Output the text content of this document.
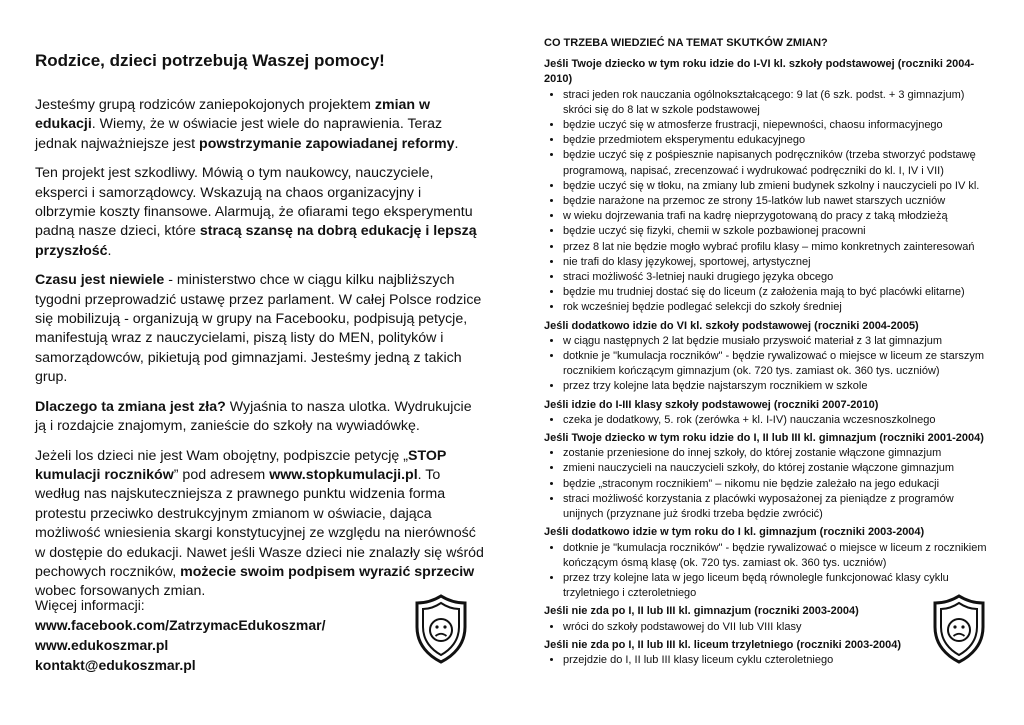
Rodzice, dzieci potrzebują Waszej pomocy!

Jesteśmy grupą rodziców zaniepokojonych projektem zmian w edukacji. Wiemy, że w oświacie jest wiele do naprawienia. Teraz jednak najważniejsze jest powstrzymanie zapowiadanej reformy.

Ten projekt jest szkodliwy. Mówią o tym naukowcy, nauczyciele, eksperci i samorządowcy. Wskazują na chaos organizacyjny i olbrzymie koszty finansowe. Alarmują, że ofiarami tego eksperymentu padną nasze dzieci, które stracą szansę na dobrą edukację i lepszą przyszłość.

Czasu jest niewiele - ministerstwo chce w ciągu kilku najbliższych tygodni przeprowadzić ustawę przez parlament. W całej Polsce rodzice się mobilizują - organizują w grupy na Facebooku, podpisują petycje, manifestują wraz z nauczycielami, piszą listy do MEN, polityków i samorządowców, pikietują pod gimnazjami. Jesteśmy jedną z takich grup.

Dlaczego ta zmiana jest zła? Wyjaśnia to nasza ulotka. Wydrukujcie ją i rozdajcie znajomym, zanieście do szkoły na wywiadówkę.

Jeżeli los dzieci nie jest Wam obojętny, podpiszcie petycję „STOP kumulacji roczników” pod adresem www.stopkumulacji.pl. To według nas najskuteczniejsza z prawnego punktu widzenia forma protestu przeciwko destrukcyjnym zmianom w oświacie, dająca możliwość wniesienia skargi konstytucyjnej ze względu na nierówność w dostępie do edukacji. Nawet jeśli Wasze dzieci nie znalazły się wśród pechowych roczników, możecie swoim podpisem wyrazić sprzeciw wobec forsowanych zmian.

Więcej informacji:
www.facebook.com/ZatrzymacEdukoszmar/
www.edukoszmar.pl
kontakt@edukoszmar.pl
CO TRZEBA WIEDZIEĆ NA TEMAT SKUTKÓW ZMIAN?
Jeśli Twoje dziecko w tym roku idzie do I-VI kl. szkoły podstawowej (roczniki 2004-2010)
• straci jeden rok nauczania ogólnokształcącego: 9 lat (6 szk. podst. + 3 gimnazjum) skróci się do 8 lat w szkole podstawowej
• będzie uczyć się w atmosferze frustracji, niepewności, chaosu informacyjnego
• będzie przedmiotem eksperymentu edukacyjnego
• będzie uczyć się z pośpiesznie napisanych podręczników (trzeba stworzyć podstawę programową, napisać, zrecenzować i wydrukować podręczniki do kl. I, IV i VII)
• będzie uczyć się w tłoku, na zmiany lub zmieni budynek szkolny i nauczycieli po IV kl.
• będzie narażone na przemoc ze strony 15-latków lub nawet starszych uczniów
• w wieku dojrzewania trafi na kadrę nieprzygotowaną do pracy z taką młodzieżą
• będzie uczyć się fizyki, chemii w szkole pozbawionej pracowni
• przez 8 lat nie będzie mogło wybrać profilu klasy – mimo konkretnych zainteresowań
• nie trafi do klasy językowej, sportowej, artystycznej
• straci możliwość 3-letniej nauki drugiego języka obcego
• będzie mu trudniej dostać się do liceum (z założenia mają to być placówki elitarne)
• rok wcześniej będzie podlegać selekcji do szkoły średniej
Jeśli dodatkowo idzie do VI kl. szkoły podstawowej (roczniki 2004-2005)
• w ciągu następnych 2 lat będzie musiało przyswoić materiał z 3 lat gimnazjum
• dotknie je "kumulacja roczników" - będzie rywalizować o miejsce w liceum ze starszym rocznikiem kończącym gimnazjum (ok. 720 tys. zamiast ok. 360 tys. uczniów)
• przez trzy kolejne lata będzie najstarszym rocznikiem w szkole
Jeśli idzie do I-III klasy szkoły podstawowej (roczniki 2007-2010)
• czeka je dodatkowy, 5. rok (zerówka + kl. I-IV) nauczania wczesnoszkolnego
Jeśli Twoje dziecko w tym roku idzie do I, II lub III kl. gimnazjum (roczniki 2001-2004)
• zostanie przeniesione do innej szkoły, do której zostanie włączone gimnazjum
• zmieni nauczycieli na nauczycieli szkoły, do której zostanie włączone gimnazjum
• będzie „straconym rocznikiem” – nikomu nie będzie zależało na jego edukacji
• straci możliwość korzystania z placówki wyposażonej za pieniądze z programów unijnych (przyznane już środki trzeba będzie zwrócić)
Jeśli dodatkowo idzie w tym roku do I kl. gimnazjum (roczniki 2003-2004)
• dotknie je "kumulacja roczników" - będzie rywalizować o miejsce w liceum z rocznikiem kończącym ósmą klasę (ok. 720 tys. zamiast ok. 360 tys. uczniów)
• przez trzy kolejne lata w jego liceum będą równolegle funkcjonować klasy cyklu trzyletniego i czteroletniego
Jeśli nie zda po I, II lub III kl. gimnazjum (roczniki 2003-2004)
• wróci do szkoły podstawowej do VII lub VIII klasy
Jeśli nie zda po I, II lub III kl. liceum trzyletniego (roczniki 2003-2004)
• przejdzie do I, II lub III klasy liceum cyklu czteroletniego
